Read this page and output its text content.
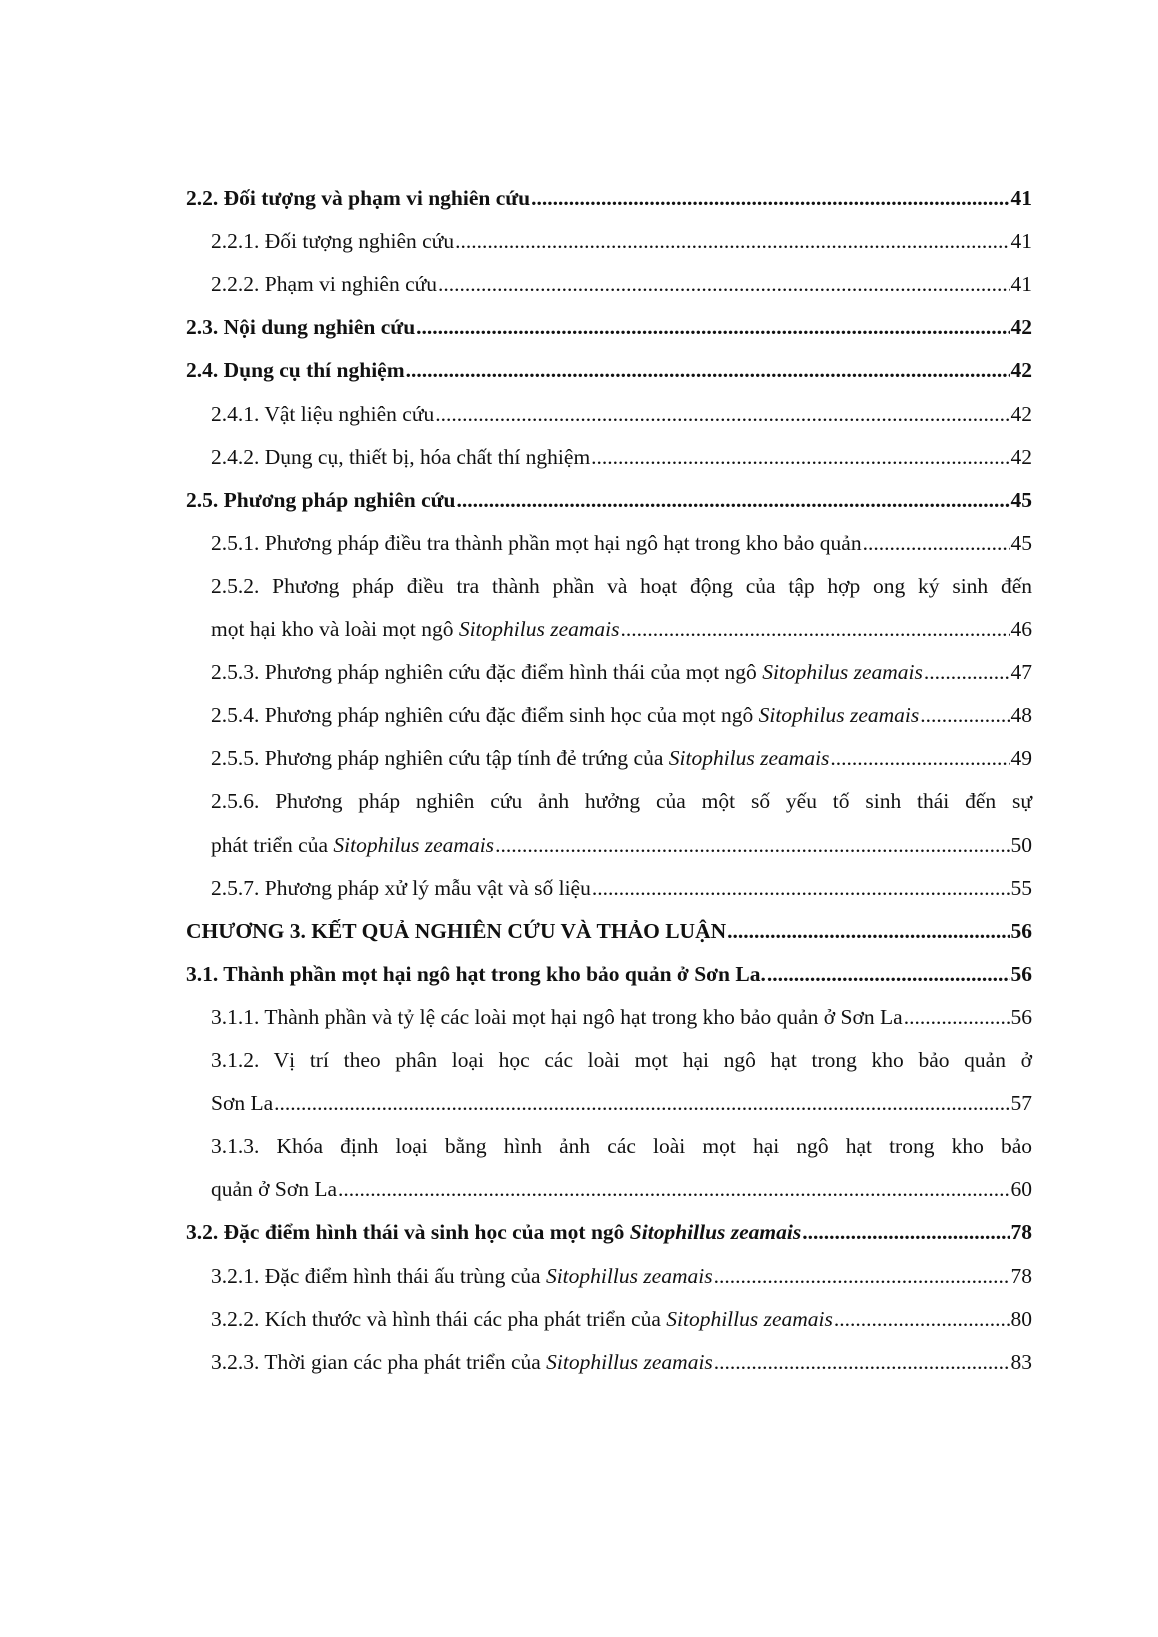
2.2. Đối tượng và phạm vi nghiên cứu .....	41
2.2.1. Đối tượng nghiên cứu .....	41
2.2.2. Phạm vi nghiên cứu .....	41
2.3. Nội dung nghiên cứu .....	42
2.4. Dụng cụ thí nghiệm .....	42
2.4.1. Vật liệu nghiên cứu .....	42
2.4.2. Dụng cụ, thiết bị, hóa chất thí nghiệm .....	42
2.5. Phương pháp nghiên cứu .....	45
2.5.1. Phương pháp điều tra thành phần mọt hại ngô hạt trong kho bảo quản .....	45
2.5.2. Phương pháp điều tra thành phần và hoạt động của tập hợp ong ký sinh đến
mọt hại kho và loài mọt ngô Sitophilus zeamais .....	46
2.5.3. Phương pháp nghiên cứu đặc điểm hình thái của mọt ngô Sitophilus zeamais .....	47
2.5.4. Phương pháp nghiên cứu đặc điểm sinh học của mọt ngô Sitophilus zeamais .....	48
2.5.5. Phương pháp nghiên cứu tập tính đẻ trứng của Sitophilus zeamais .....	49
2.5.6. Phương pháp nghiên cứu ảnh hưởng của một số yếu tố sinh thái đến sự
phát triển của Sitophilus zeamais .....	50
2.5.7. Phương pháp xử lý mẫu vật và số liệu .....	55
CHƯƠNG 3. KẾT QUẢ NGHIÊN CỨU VÀ THẢO LUẬN .....	56
3.1. Thành phần mọt hại ngô hạt trong kho bảo quản ở Sơn La. .....	56
3.1.1. Thành phần và tỷ lệ các loài mọt hại ngô hạt trong kho bảo quản ở Sơn La .....	56
3.1.2. Vị trí theo phân loại học các loài mọt hại ngô hạt trong kho bảo quản ở
Sơn La .....	57
3.1.3. Khóa định loại bằng hình ảnh các loài mọt hại ngô hạt trong kho bảo
quản ở Sơn La .....	60
3.2. Đặc điểm hình thái và sinh học của mọt ngô Sitophillus zeamais .....	78
3.2.1. Đặc điểm hình thái ấu trùng của Sitophillus zeamais .....	78
3.2.2. Kích thước và hình thái các pha phát triển của Sitophillus zeamais .....	80
3.2.3. Thời gian các pha phát triển của Sitophillus zeamais .....	83
